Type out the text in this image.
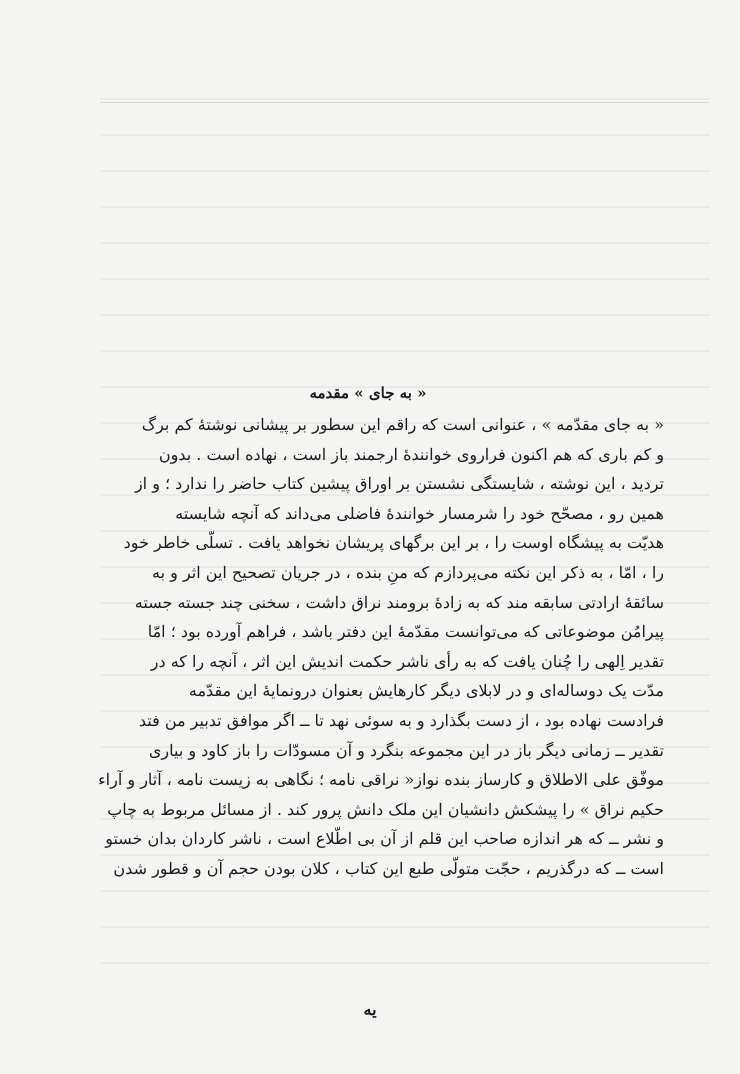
« به جای » مقدمه
« به جای مقدّمه » ، عنوانی است که راقم این سطور بر پیشانی نوشتهٔ کم برگ
و کم باری که هم اکنون فراروی خوانندهٔ ارجمند باز است ، نهاده است . بدون
تردید ، این نوشته ، شایستگی نشستن بر اوراق پیشین کتاب حاضر را ندارد ؛ و از
همین رو ، مصحّح خود را شرمسار خوانندهٔ فاضلی می‌داند که آنچه شایسته
هدیّت به پیشگاه اوست را ، بر این برگهای پریشان نخواهد یافت . تسلّی خاطر خود
را ، امّا ، به ذکر این نکته می‌پردازم که منِ بنده ، در جریان تصحیح این اثر و به
سائقهٔ ارادتی سابقه مند که به زادهٔ برومند نراق داشت ، سخنی چند جسته جسته
پیرامُن موضوعاتی که می‌توانست مقدّمهٔ این دفتر باشد ، فراهم آورده بود ؛ امّا
تقدیر اِلهی را چُنان یافت که به رأی ناشر حکمت اندیش این اثر ، آنچه را که در
مدّت یک دوساله‌ای و در لابلای دیگر کارهایش بعنوان درونمایهٔ این مقدّمه
فرادست نهاده بود ، از دست بگذارد و به سوئی نهد تا ــ اگر موافق تدبیر من فتد
تقدیر ــ زمانی دیگر باز در این مجموعه بنگرد و آن مسودّات را باز کاود و بیاری
موفّق علی الاطلاق و کارساز بنده نواز« نراقی نامه ؛ نگاهی به زیست نامه ، آثار و آراء
حکیم نراق » را پیشکش دانشیان این ملک دانش پرور کند . از مسائل مربوط به چاپ
و نشر ــ که هر اندازه صاحب این قلم از آن بی اطّلاع است ، ناشر کاردان بدان خستو
است ــ که درگذریم ، حجّت متولّی طبع این کتاب ، کلان بودن حجم آن و قطور شدن
یه
